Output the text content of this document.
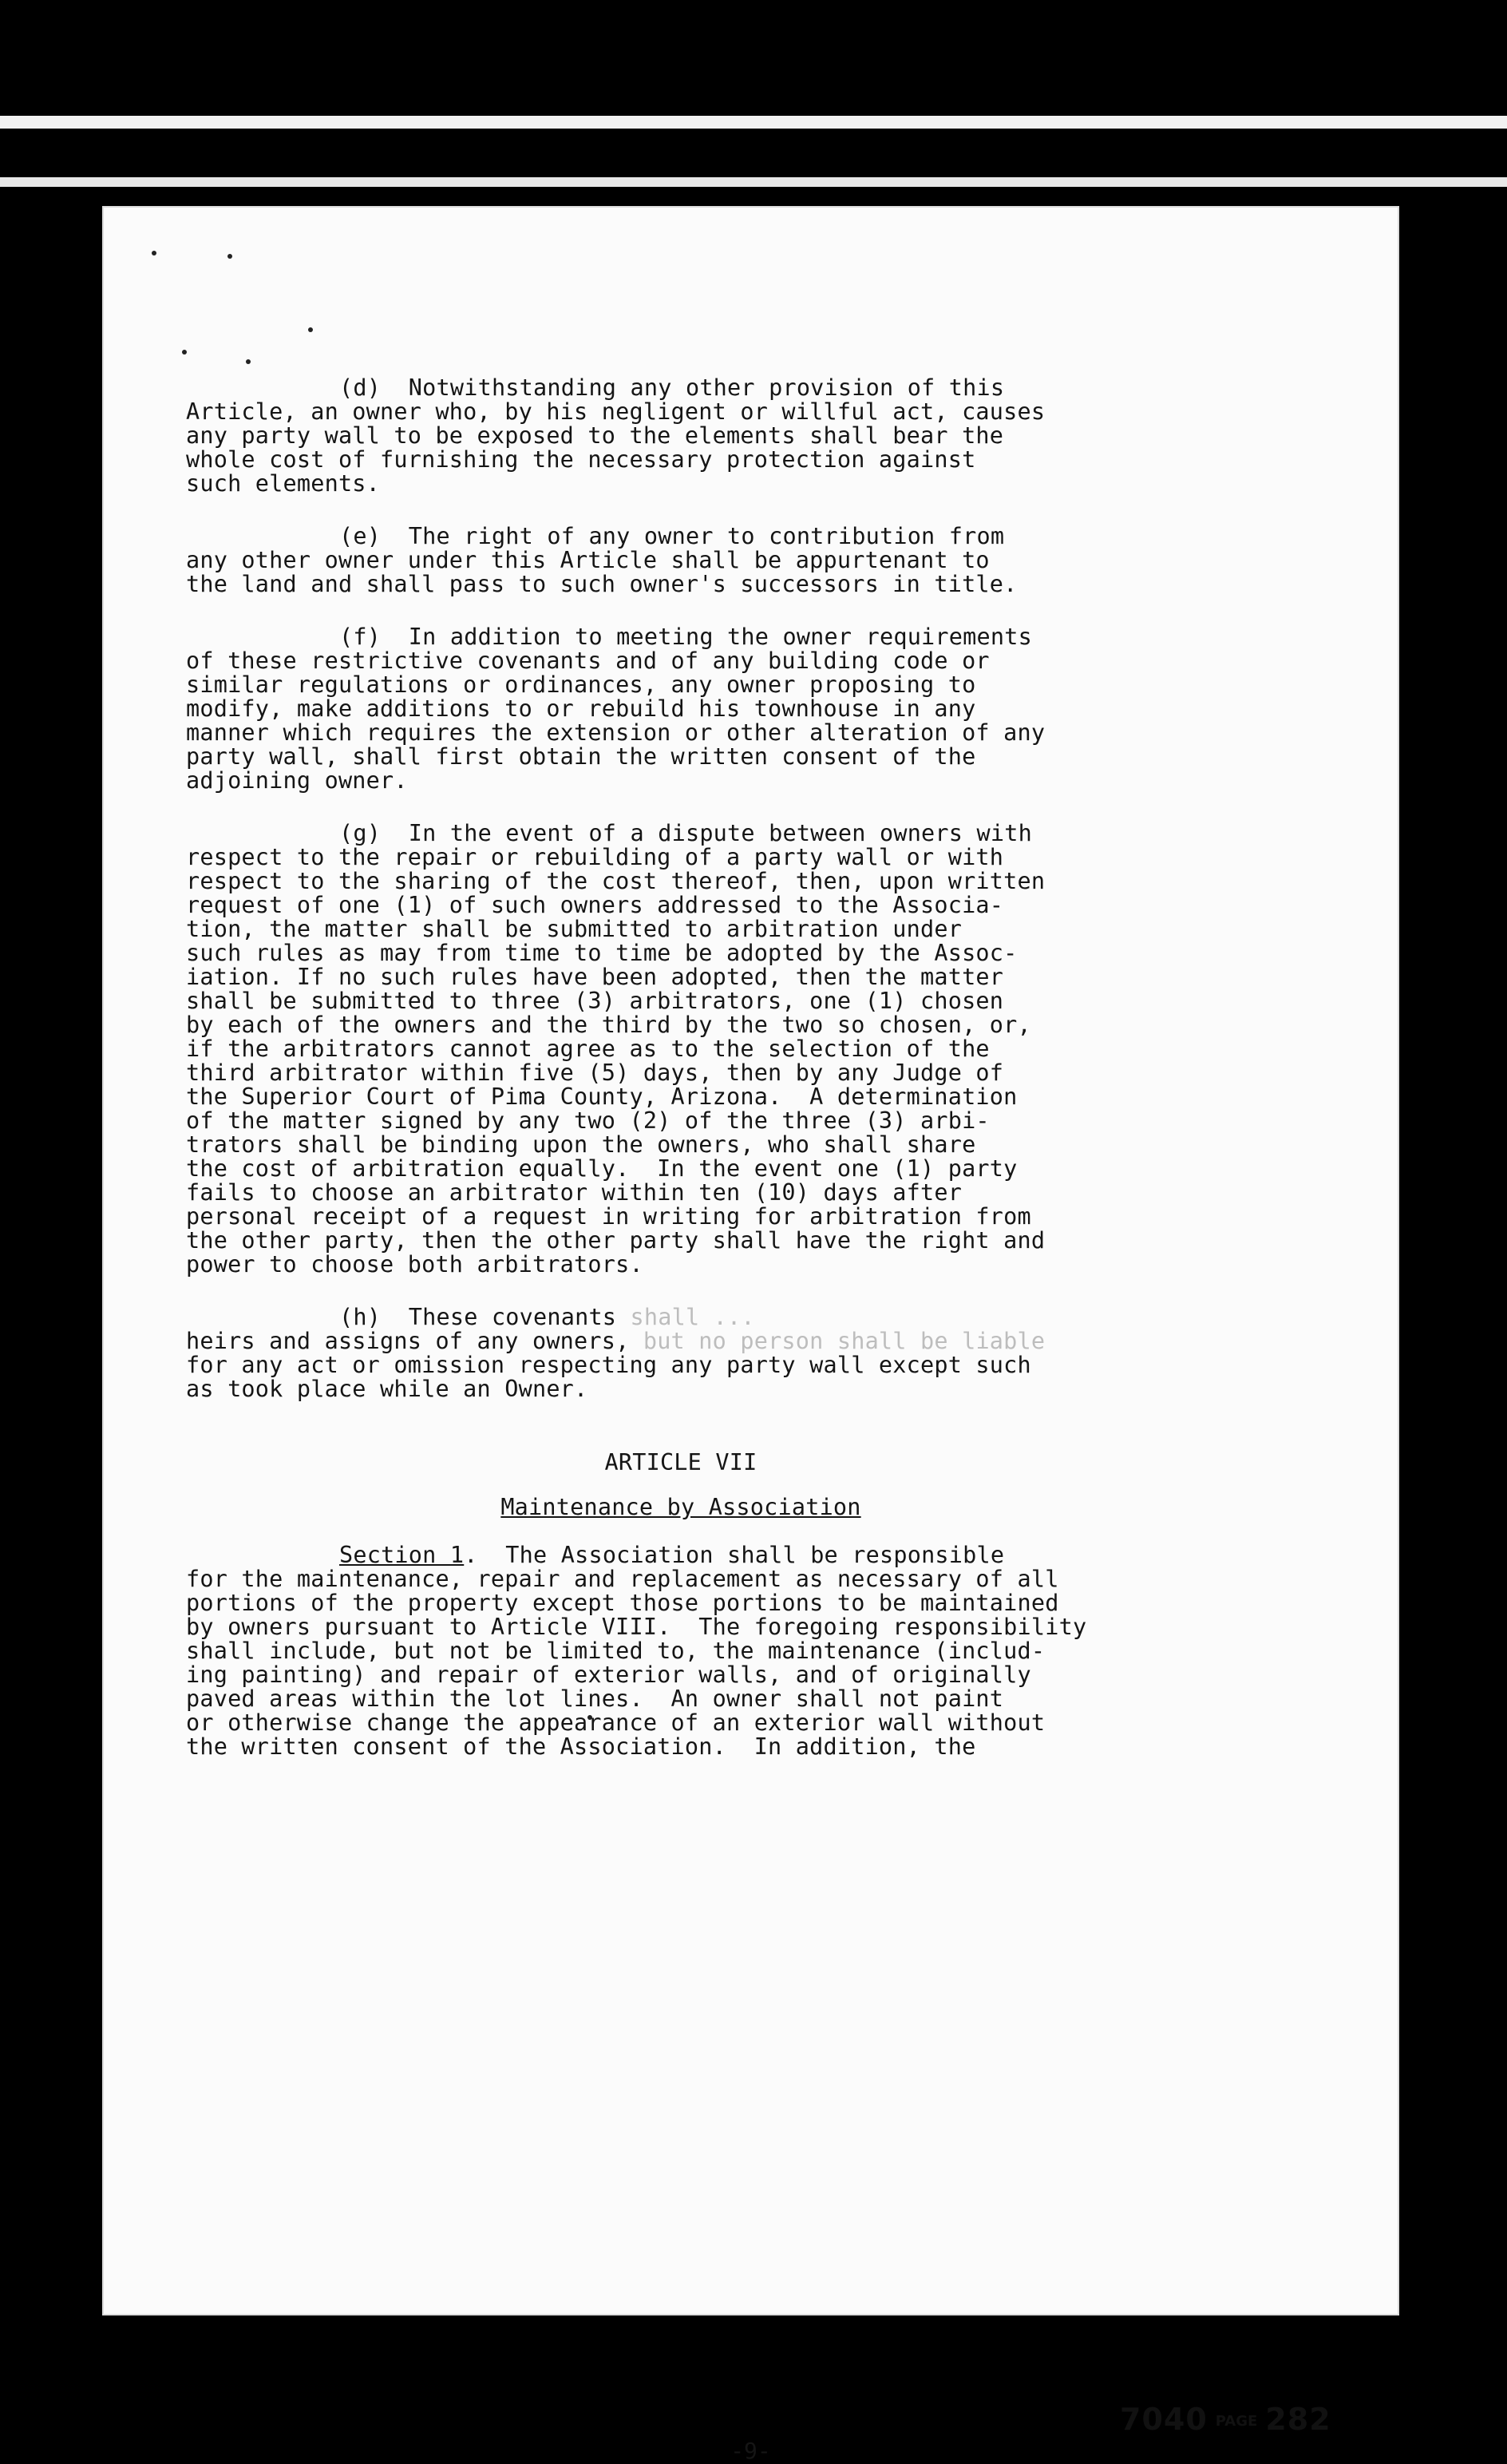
-9-
7040 PAGE 282
(d)  Notwithstanding any other provision of this
Article, an owner who, by his negligent or willful act, causes
any party wall to be exposed to the elements shall bear the
whole cost of furnishing the necessary protection against
such elements.
(e)  The right of any owner to contribution from
any other owner under this Article shall be appurtenant to
the land and shall pass to such owner's successors in title.
(f)  In addition to meeting the owner requirements
of these restrictive covenants and of any building code or
similar regulations or ordinances, any owner proposing to
modify, make additions to or rebuild his townhouse in any
manner which requires the extension or other alteration of any
party wall, shall first obtain the written consent of the
adjoining owner.
(g)  In the event of a dispute between owners with
respect to the repair or rebuilding of a party wall or with
respect to the sharing of the cost thereof, then, upon written
request of one (1) of such owners addressed to the Associa-
tion, the matter shall be submitted to arbitration under
such rules as may from time to time be adopted by the Assoc-
iation. If no such rules have been adopted, then the matter
shall be submitted to three (3) arbitrators, one (1) chosen
by each of the owners and the third by the two so chosen, or,
if the arbitrators cannot agree as to the selection of the
third arbitrator within five (5) days, then by any Judge of
the Superior Court of Pima County, Arizona.  A determination
of the matter signed by any two (2) of the three (3) arbi-
trators shall be binding upon the owners, who shall share
the cost of arbitration equally.  In the event one (1) party
fails to choose an arbitrator within ten (10) days after
personal receipt of a request in writing for arbitration from
the other party, then the other party shall have the right and
power to choose both arbitrators.
(h)  These covenants shall ...
heirs and assigns of any owners, but no person shall be liable
for any act or omission respecting any party wall except such
as took place while an Owner.
ARTICLE VII
Maintenance by Association
Section 1.  The Association shall be responsible
for the maintenance, repair and replacement as necessary of all
portions of the property except those portions to be maintained
by owners pursuant to Article VIII.  The foregoing responsibility
shall include, but not be limited to, the maintenance (includ-
ing painting) and repair of exterior walls, and of originally
paved areas within the lot lines.  An owner shall not paint
or otherwise change the appearance of an exterior wall without
the written consent of the Association.  In addition, the
